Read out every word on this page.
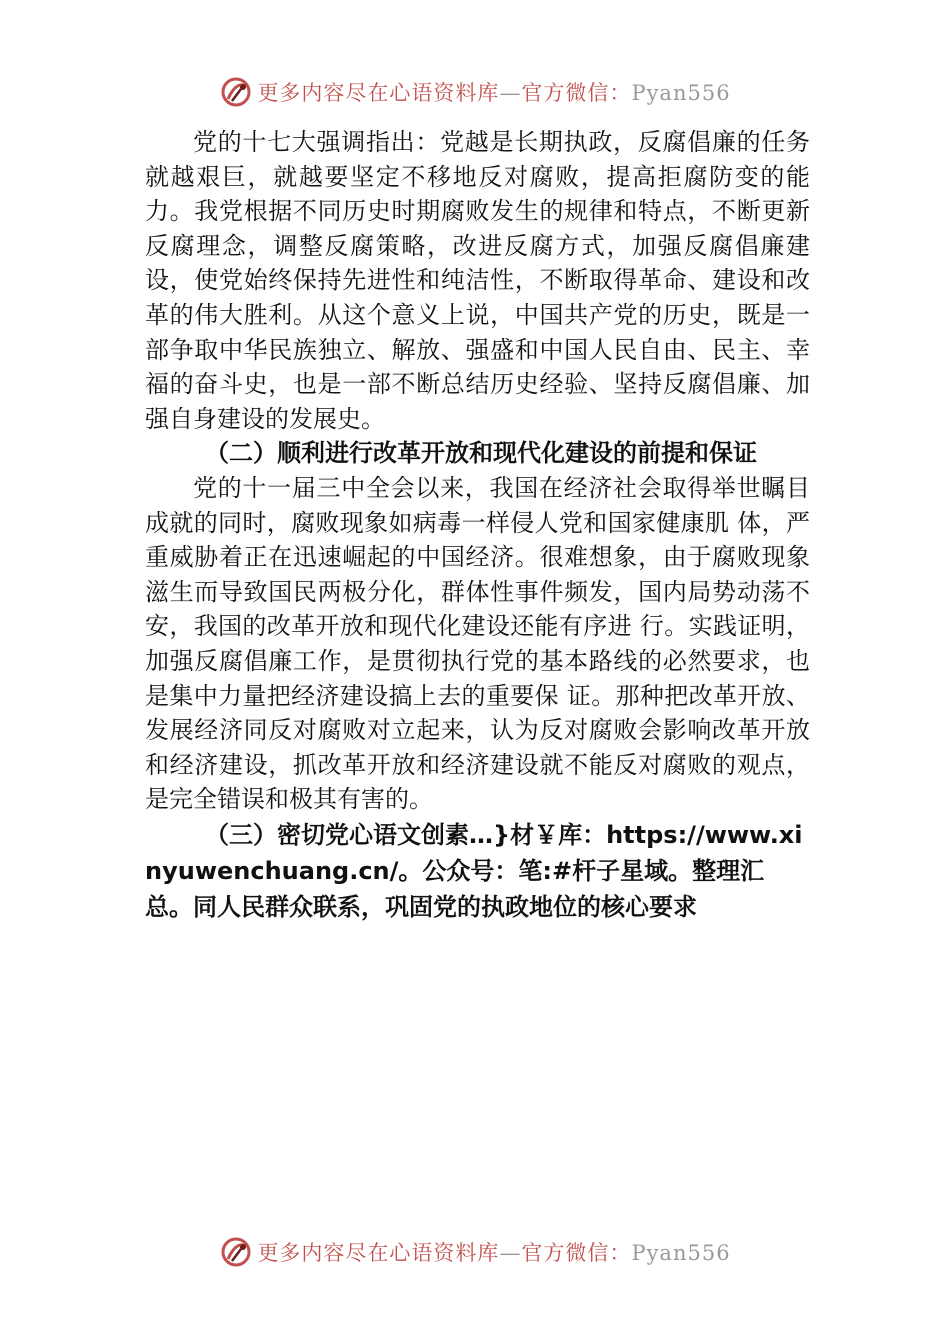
更多内容尽在心语资料库—官方微信：Pyan556

党的十七大强调指出：党越是长期执政，反腐倡廉的任务就越艰巨，就越要坚定不移地反对腐败，提高拒腐防变的能力。我党根据不同历史时期腐败发生的规律和特点，不断更新反腐理念，调整反腐策略，改进反腐方式，加强反腐倡廉建设，使党始终保持先进性和纯洁性，不断取得革命、建设和改革的伟大胜利。从这个意义上说，中国共产党的历史，既是一部争取中华民族独立、解放、强盛和中国人民自由、民主、幸福的奋斗史，也是一部不断总结历史经验、坚持反腐倡廉、加强自身建设的发展史。

（二）顺利进行改革开放和现代化建设的前提和保证

党的十一届三中全会以来，我国在经济社会取得举世瞩目成就的同时，腐败现象如病毒一样侵人党和国家健康肌 体，严重威胁着正在迅速崛起的中国经济。很难想象，由于腐败现象滋生而导致国民两极分化，群体性事件频发，国内局势动荡不安，我国的改革开放和现代化建设还能有序进 行。实践证明，加强反腐倡廉工作，是贯彻执行党的基本路线的必然要求，也是集中力量把经济建设搞上去的重要保 证。那种把改革开放、发展经济同反对腐败对立起来，认为反对腐败会影响改革开放和经济建设，抓改革开放和经济建设就不能反对腐败的观点，是完全错误和极其有害的。

（三）密切党心语文创素…}材￥库：https://www.xinyuwenchuang.cn/。公众号：笔:#杆子星域。整理汇总。同人民群众联系，巩固党的执政地位的核心要求

更多内容尽在心语资料库—官方微信：Pyan556
